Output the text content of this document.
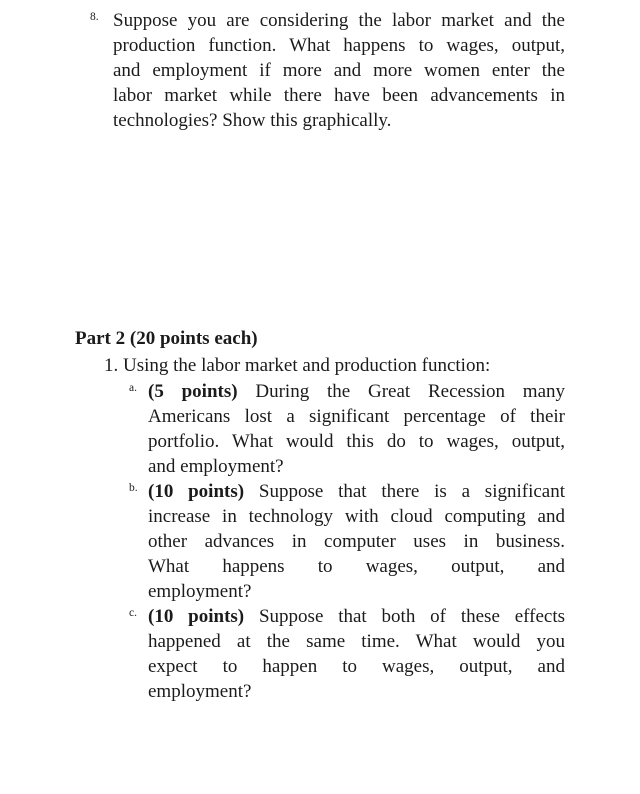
8. Suppose you are considering the labor market and the
production function. What happens to wages, output,
and employment if more and more women enter the
labor market while there have been advancements in
technologies? Show this graphically.
Part 2 (20 points each)
1. Using the labor market and production function:
a. (5 points) During the Great Recession many
Americans lost a significant percentage of their
portfolio. What would this do to wages, output,
and employment?
b. (10 points) Suppose that there is a significant
increase in technology with cloud computing and
other advances in computer uses in business.
What happens to wages, output, and
employment?
c. (10 points) Suppose that both of these effects
happened at the same time. What would you
expect to happen to wages, output, and
employment?
